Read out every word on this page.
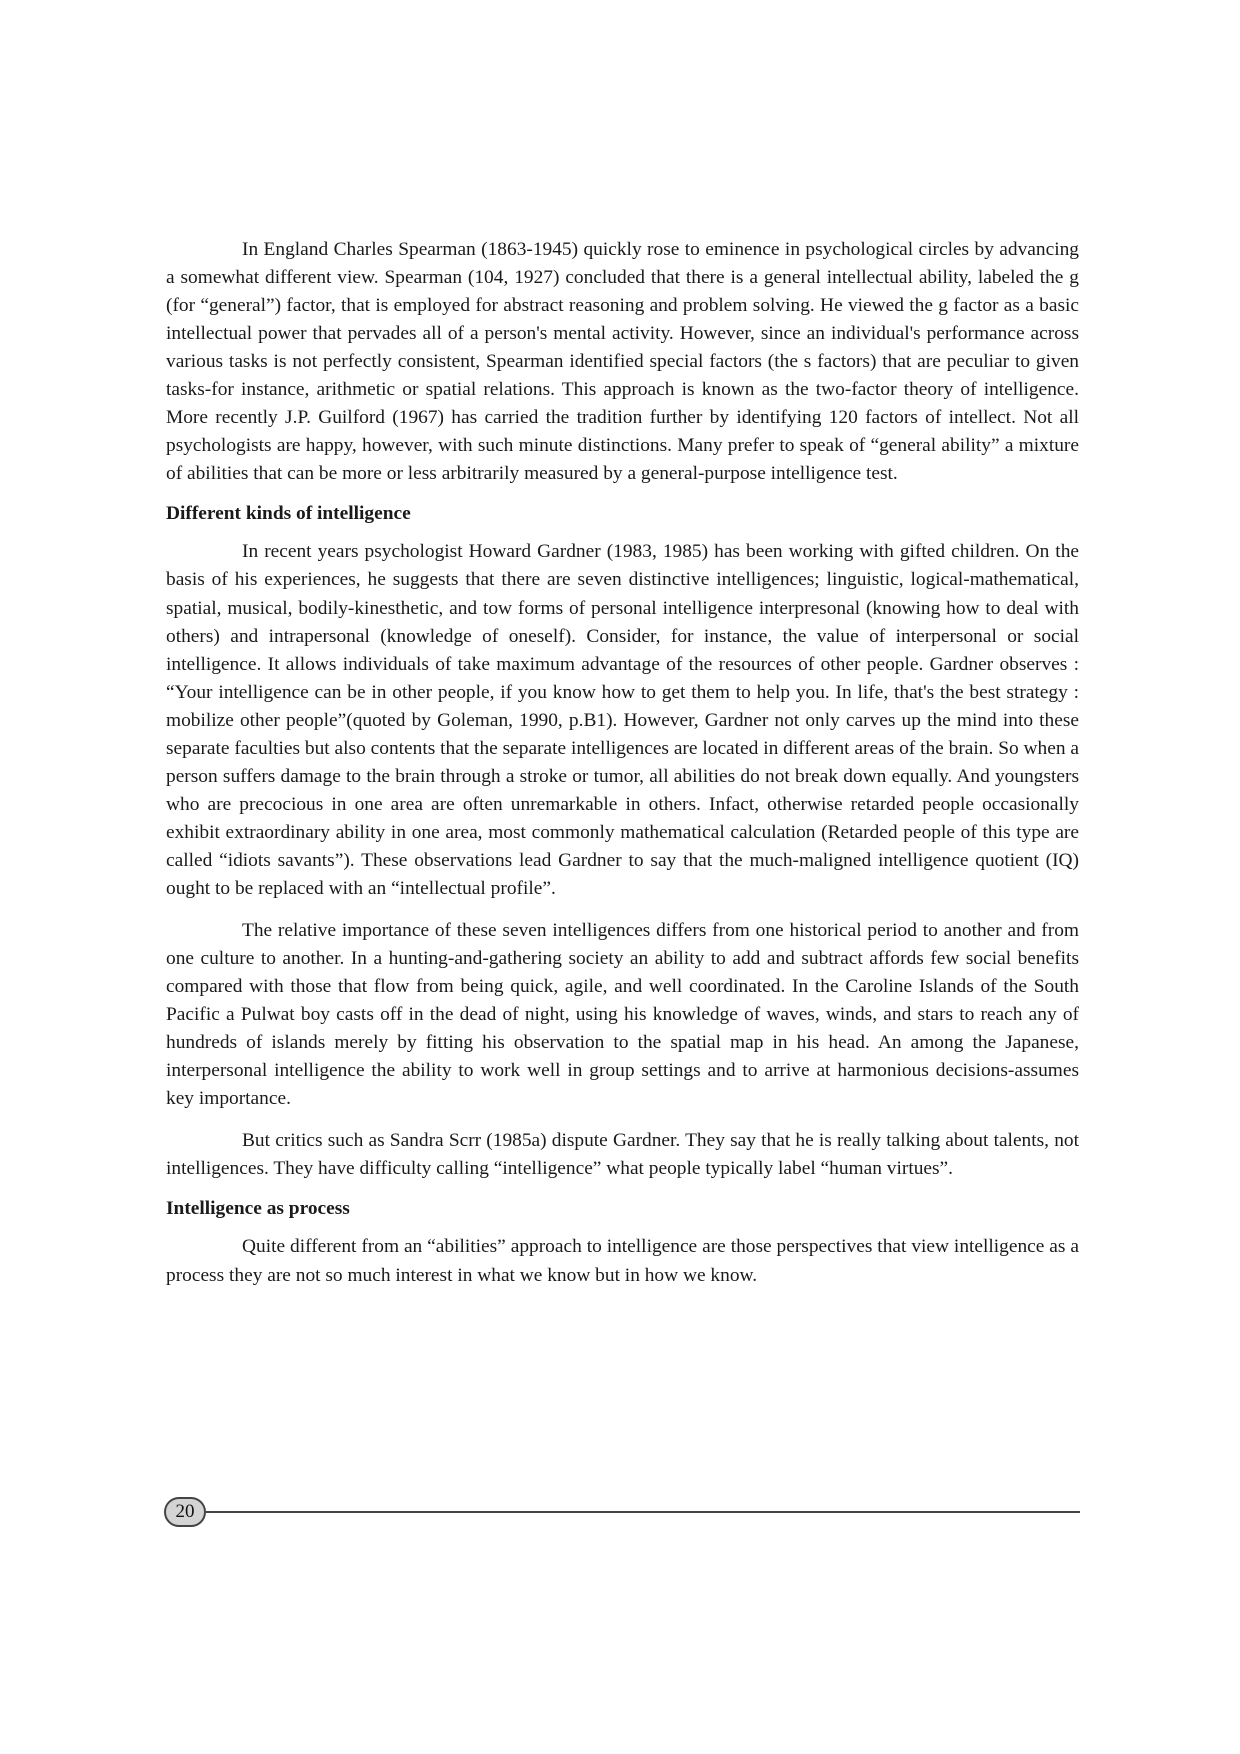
In England Charles Spearman (1863-1945) quickly rose to eminence in psychological circles by advancing a somewhat different view. Spearman (104, 1927) concluded that there is a general intellectual ability, labeled the g (for “general”) factor, that is employed for abstract reasoning and problem solving. He viewed the g factor as a basic intellectual power that pervades all of a person's mental activity. However, since an individual's performance across various tasks is not perfectly consistent, Spearman identified special factors (the s factors) that are peculiar to given tasks-for instance, arithmetic or spatial relations. This approach is known as the two-factor theory of intelligence. More recently J.P. Guilford (1967) has carried the tradition further by identifying 120 factors of intellect. Not all psychologists are happy, however, with such minute distinctions. Many prefer to speak of “general ability” a mixture of abilities that can be more or less arbitrarily measured by a general-purpose intelligence test.

Different kinds of intelligence

In recent years psychologist Howard Gardner (1983, 1985) has been working with gifted children. On the basis of his experiences, he suggests that there are seven distinctive intelligences; linguistic, logical-mathematical, spatial, musical, bodily-kinesthetic, and tow forms of personal intelligence interpresonal (knowing how to deal with others) and intrapersonal (knowledge of oneself). Consider, for instance, the value of interpersonal or social intelligence. It allows individuals of take maximum advantage of the resources of other people. Gardner observes : “Your intelligence can be in other people, if you know how to get them to help you. In life, that's the best strategy : mobilize other people”(quoted by Goleman, 1990, p.B1). However, Gardner not only carves up the mind into these separate faculties but also contents that the separate intelligences are located in different areas of the brain. So when a person suffers damage to the brain through a stroke or tumor, all abilities do not break down equally. And youngsters who are precocious in one area are often unremarkable in others. Infact, otherwise retarded people occasionally exhibit extraordinary ability in one area, most commonly mathematical calculation (Retarded people of this type are called “idiots savants”). These observations lead Gardner to say that the much-maligned intelligence quotient (IQ) ought to be replaced with an “intellectual profile”.

The relative importance of these seven intelligences differs from one historical period to another and from one culture to another. In a hunting-and-gathering society an ability to add and subtract affords few social benefits compared with those that flow from being quick, agile, and well coordinated. In the Caroline Islands of the South Pacific a Pulwat boy casts off in the dead of night, using his knowledge of waves, winds, and stars to reach any of hundreds of islands merely by fitting his observation to the spatial map in his head. An among the Japanese, interpersonal intelligence the ability to work well in group settings and to arrive at harmonious decisions-assumes key importance.

But critics such as Sandra Scrr (1985a) dispute Gardner. They say that he is really talking about talents, not intelligences. They have difficulty calling “intelligence” what people typically label “human virtues”.

Intelligence as process

Quite different from an “abilities” approach to intelligence are those perspectives that view intelligence as a process they are not so much interest in what we know but in how we know.

20
